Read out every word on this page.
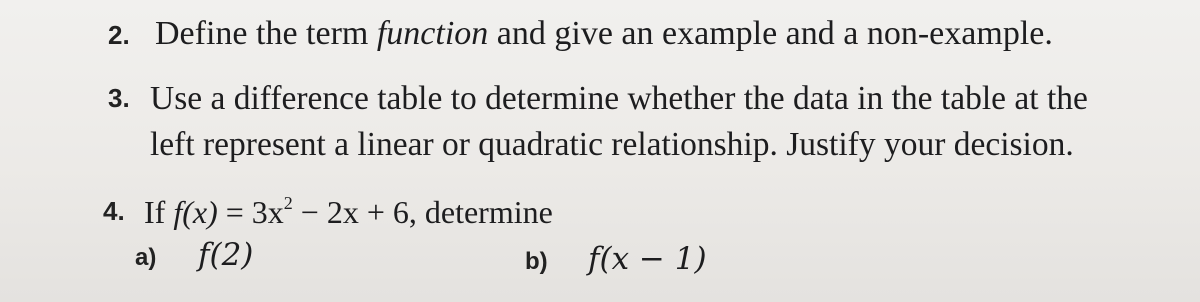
2. Define the term function and give an example and a non-example.
3. Use a difference table to determine whether the data in the table at the
left represent a linear or quadratic relationship. Justify your decision.
4. If $f(x) = 3x^2 - 2x + 6$, determine
a) f(2)	b) f(x − 1)
